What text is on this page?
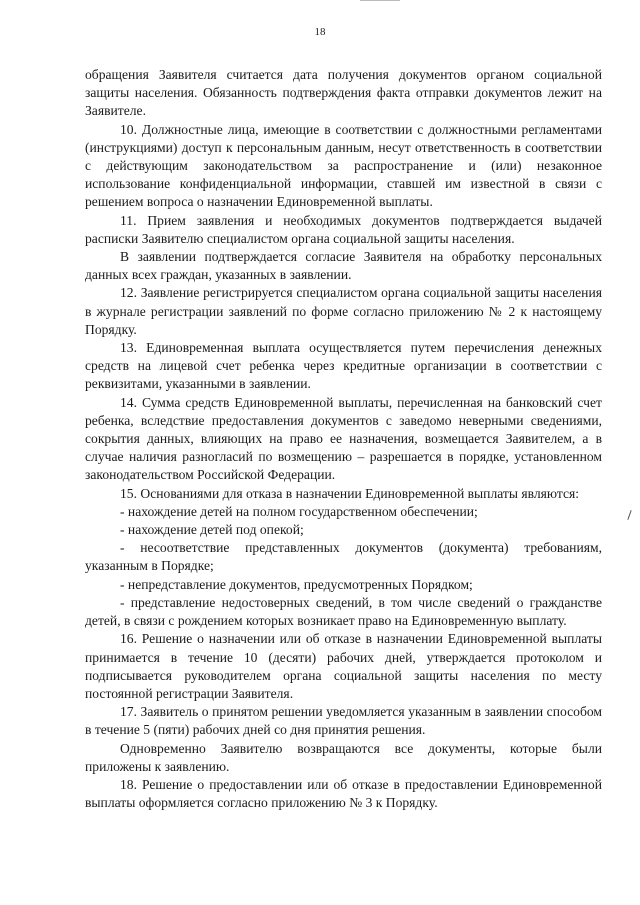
18

обращения Заявителя считается дата получения документов органом социальной защиты населения. Обязанность подтверждения факта отправки документов лежит на Заявителе.

10. Должностные лица, имеющие в соответствии с должностными регламентами (инструкциями) доступ к персональным данным, несут ответственность в соответствии с действующим законодательством за распространение и (или) незаконное использование конфиденциальной информации, ставшей им известной в связи с решением вопроса о назначении Единовременной выплаты.

11. Прием заявления и необходимых документов подтверждается выдачей расписки Заявителю специалистом органа социальной защиты населения.

В заявлении подтверждается согласие Заявителя на обработку персональных данных всех граждан, указанных в заявлении.

12. Заявление регистрируется специалистом органа социальной защиты населения в журнале регистрации заявлений по форме согласно приложению № 2 к настоящему Порядку.

13. Единовременная выплата осуществляется путем перечисления денежных средств на лицевой счет ребенка через кредитные организации в соответствии с реквизитами, указанными в заявлении.

14. Сумма средств Единовременной выплаты, перечисленная на банковский счет ребенка, вследствие предоставления документов с заведомо неверными сведениями, сокрытия данных, влияющих на право ее назначения, возмещается Заявителем, а в случае наличия разногласий по возмещению – разрешается в порядке, установленном законодательством Российской Федерации.

15. Основаниями для отказа в назначении Единовременной выплаты являются:

- нахождение детей на полном государственном обеспечении;

- нахождение детей под опекой;

- несоответствие представленных документов (документа) требованиям, указанным в Порядке;

- непредставление документов, предусмотренных Порядком;

- представление недостоверных сведений, в том числе сведений о гражданстве детей, в связи с рождением которых возникает право на Единовременную выплату.

16. Решение о назначении или об отказе в назначении Единовременной выплаты принимается в течение 10 (десяти) рабочих дней, утверждается протоколом и подписывается руководителем органа социальной защиты населения по месту постоянной регистрации Заявителя.

17. Заявитель о принятом решении уведомляется указанным в заявлении способом в течение 5 (пяти) рабочих дней со дня принятия решения.

Одновременно Заявителю возвращаются все документы, которые были приложены к заявлению.

18. Решение о предоставлении или об отказе в предоставлении Единовременной выплаты оформляется согласно приложению № 3 к Порядку.
